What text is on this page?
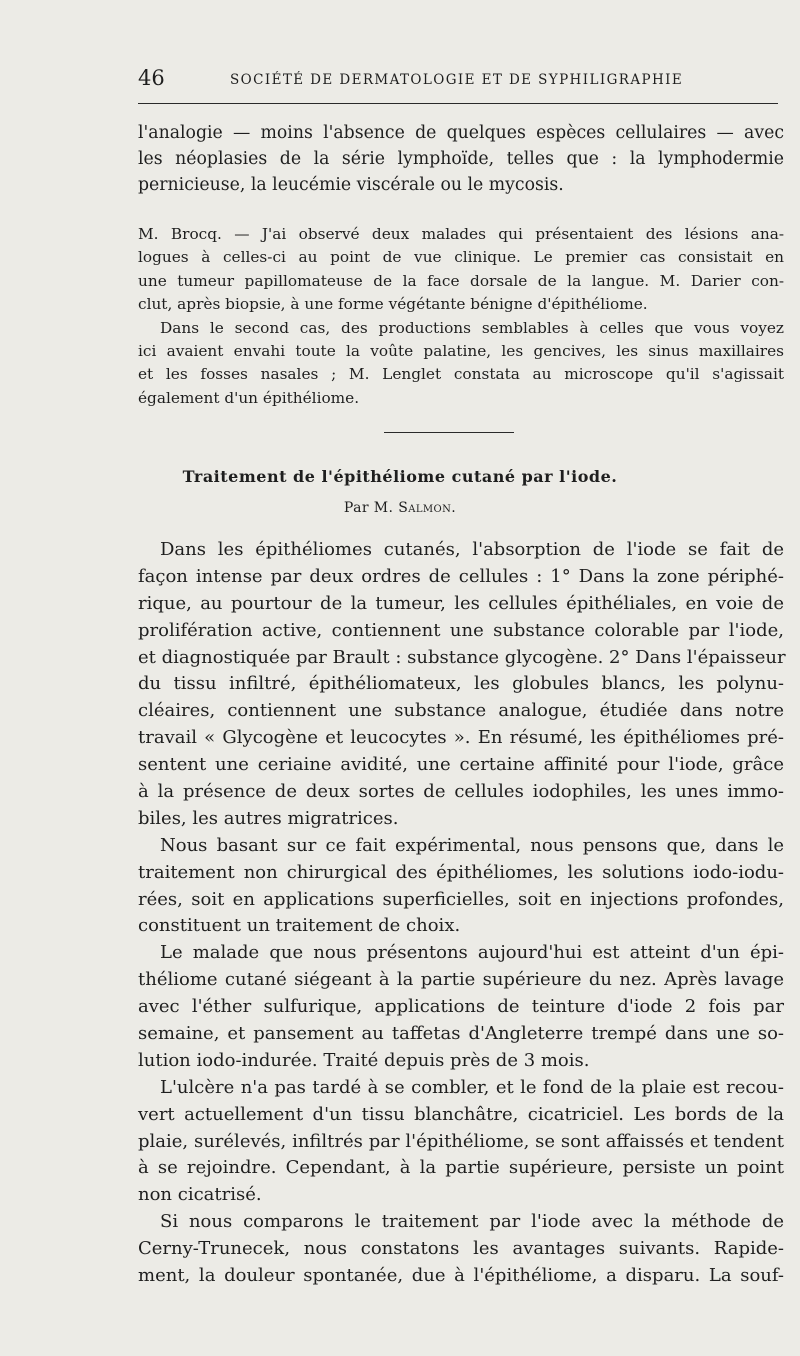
46	SOCIÉTÉ DE DERMATOLOGIE ET DE SYPHILIGRAPHIE
l'analogie — moins l'absence de quelques espèces cellulaires — avec
les néoplasies de la série lymphoïde, telles que : la lymphodermie
pernicieuse, la leucémie viscérale ou le mycosis.
M. Brocq. — J'ai observé deux malades qui présentaient des lésions ana-
logues à celles-ci au point de vue clinique. Le premier cas consistait en
une tumeur papillomateuse de la face dorsale de la langue. M. Darier con-
clut, après biopsie, à une forme végétante bénigne d'épithéliome.
Dans le second cas, des productions semblables à celles que vous voyez
ici avaient envahi toute la voûte palatine, les gencives, les sinus maxillaires
et les fosses nasales ; M. Lenglet constata au microscope qu'il s'agissait
également d'un épithéliome.
Traitement de l'épithéliome cutané par l'iode.
Par M. Salmon.
Dans les épithéliomes cutanés, l'absorption de l'iode se fait de
façon intense par deux ordres de cellules : 1° Dans la zone périphé-
rique, au pourtour de la tumeur, les cellules épithéliales, en voie de
prolifération active, contiennent une substance colorable par l'iode,
et diagnostiquée par Brault : substance glycogène. 2° Dans l'épaisseur
du tissu infiltré, épithéliomateux, les globules blancs, les polynu-
cléaires, contiennent une substance analogue, étudiée dans notre
travail « Glycogène et leucocytes ». En résumé, les épithéliomes pré-
sentent une ceriaine avidité, une certaine affinité pour l'iode, grâce
à la présence de deux sortes de cellules iodophiles, les unes immo-
biles, les autres migratrices.
Nous basant sur ce fait expérimental, nous pensons que, dans le
traitement non chirurgical des épithéliomes, les solutions iodo-iodu-
rées, soit en applications superficielles, soit en injections profondes,
constituent un traitement de choix.
Le malade que nous présentons aujourd'hui est atteint d'un épi-
théliome cutané siégeant à la partie supérieure du nez. Après lavage
avec l'éther sulfurique, applications de teinture d'iode 2 fois par
semaine, et pansement au taffetas d'Angleterre trempé dans une so-
lution iodo-indurée. Traité depuis près de 3 mois.
L'ulcère n'a pas tardé à se combler, et le fond de la plaie est recou-
vert actuellement d'un tissu blanchâtre, cicatriciel. Les bords de la
plaie, surélevés, infiltrés par l'épithéliome, se sont affaissés et tendent
à se rejoindre. Cependant, à la partie supérieure, persiste un point
non cicatrisé.
Si nous comparons le traitement par l'iode avec la méthode de
Cerny-Trunecek, nous constatons les avantages suivants. Rapide-
ment, la douleur spontanée, due à l'épithéliome, a disparu. La souf-
